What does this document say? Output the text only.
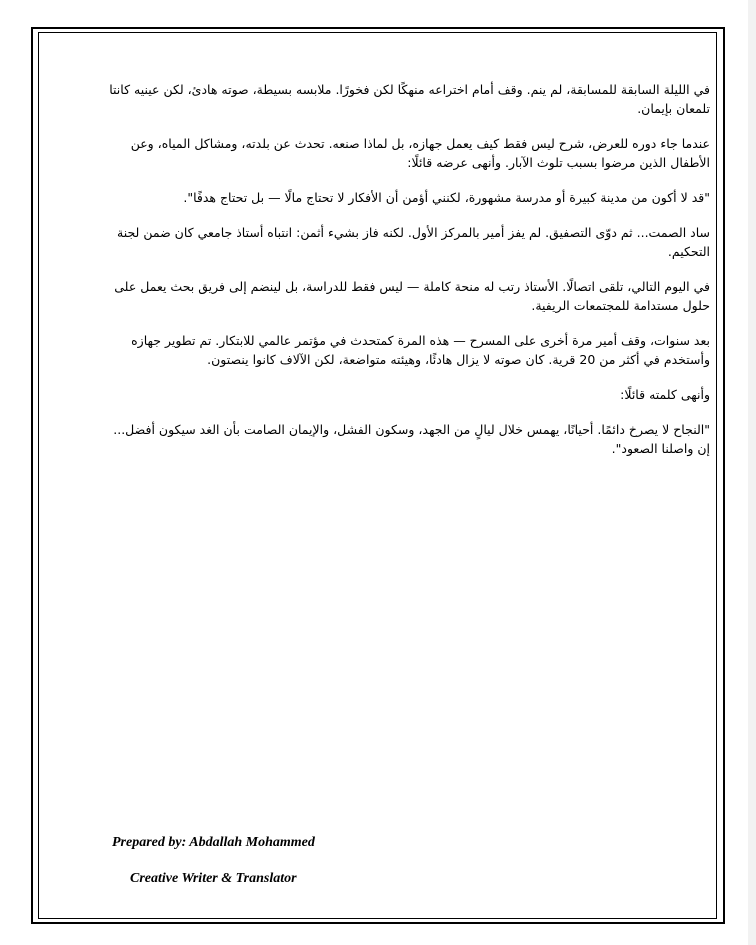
في الليلة السابقة للمسابقة، لم ينم. وقف أمام اختراعه منهكًا لكن فخورًا. ملابسه بسيطة، صوته هادئ، لكن عينيه كانتا تلمعان بإيمان.

عندما جاء دوره للعرض، شرح ليس فقط كيف يعمل جهازه، بل لماذا صنعه. تحدث عن بلدته، ومشاكل المياه، وعن الأطفال الذين مرضوا بسبب تلوث الآبار. وأنهى عرضه قائلًا:

"قد لا أكون من مدينة كبيرة أو مدرسة مشهورة، لكنني أؤمن أن الأفكار لا تحتاج مالًا — بل تحتاج هدفًا".

ساد الصمت... ثم دوّى التصفيق. لم يفز أمير بالمركز الأول. لكنه فاز بشيء أثمن: انتباه أستاذ جامعي كان ضمن لجنة التحكيم.

في اليوم التالي، تلقى اتصالًا. الأستاذ رتب له منحة كاملة — ليس فقط للدراسة، بل لينضم إلى فريق بحث يعمل على حلول مستدامة للمجتمعات الريفية.

بعد سنوات، وقف أمير مرة أخرى على المسرح — هذه المرة كمتحدث في مؤتمر عالمي للابتكار. تم تطوير جهازه وأستخدم في أكثر من 20 قرية. كان صوته لا يزال هادئًا، وهيئته متواضعة، لكن الآلاف كانوا ينصتون.

وأنهى كلمته قائلًا:

"النجاح لا يصرخ دائمًا. أحيانًا، يهمس خلال ليالٍ من الجهد، وسكون الفشل، والإيمان الصامت بأن الغد سيكون أفضل... إن واصلنا الصعود".

Prepared by: Abdallah Mohammed
Creative Writer & Translator
